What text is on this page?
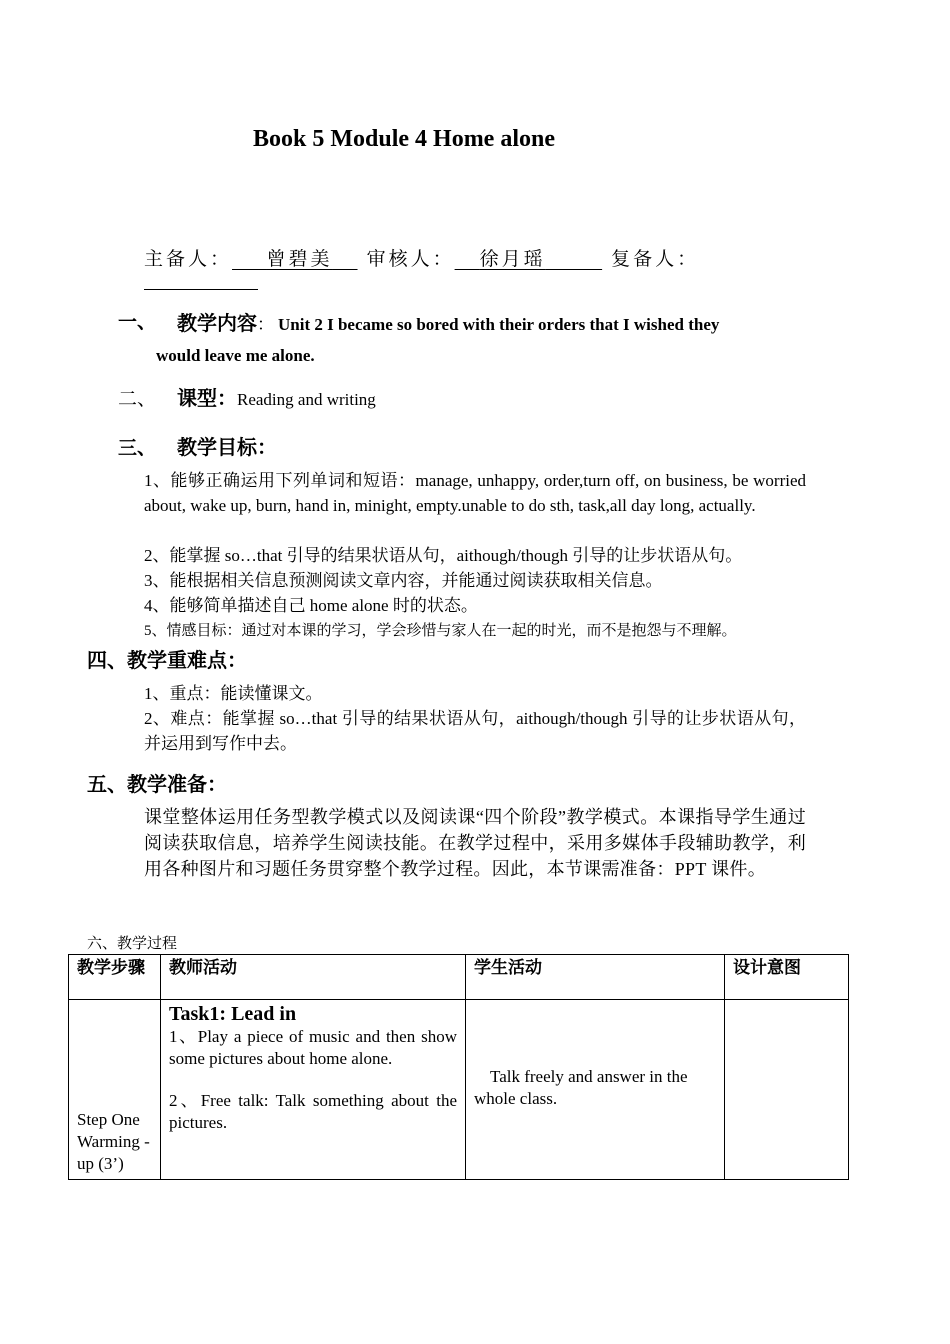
Book 5 Module 4 Home alone
主备人：   曾碧美   审核人：   徐月瑶   	复备人：
一、 教学内容： Unit 2 I became so bored with their orders that I wished they
would leave me alone.
二、 课型：Reading and writing
三、 教学目标：
1、能够正确运用下列单词和短语：manage, unhappy, order,turn off, on business, be worried about, wake up, burn, hand in, minight, empty.unable to do sth, task,all day long, actually.
2、能掌握 so…that 引导的结果状语从句，aithough/though 引导的让步状语从句。
3、能根据相关信息预测阅读文章内容，并能通过阅读获取相关信息。
4、能够简单描述自己 home alone 时的状态。
5、情感目标：通过对本课的学习，学会珍惜与家人在一起的时光，而不是抱怨与不理解。
四、教学重难点：
1、重点：能读懂课文。
2、难点：能掌握 so…that 引导的结果状语从句，aithough/though 引导的让步状语从句，并运用到写作中去。
五、教学准备：
课堂整体运用任务型教学模式以及阅读课“四个阶段”教学模式。本课指导学生通过阅读获取信息，培养学生阅读技能。在教学过程中，采用多媒体手段辅助教学，利用各种图片和习题任务贯穿整个教学过程。因此，本节课需准备：PPT 课件。
六、教学过程
教学步骤	教师活动	学生活动	设计意图

Step One Warming -up (3’)	Task1: Lead in
1、Play a piece of music and then show some pictures about home alone.
2、Free talk: Talk something about the pictures.	Talk freely and answer in the whole class.	
